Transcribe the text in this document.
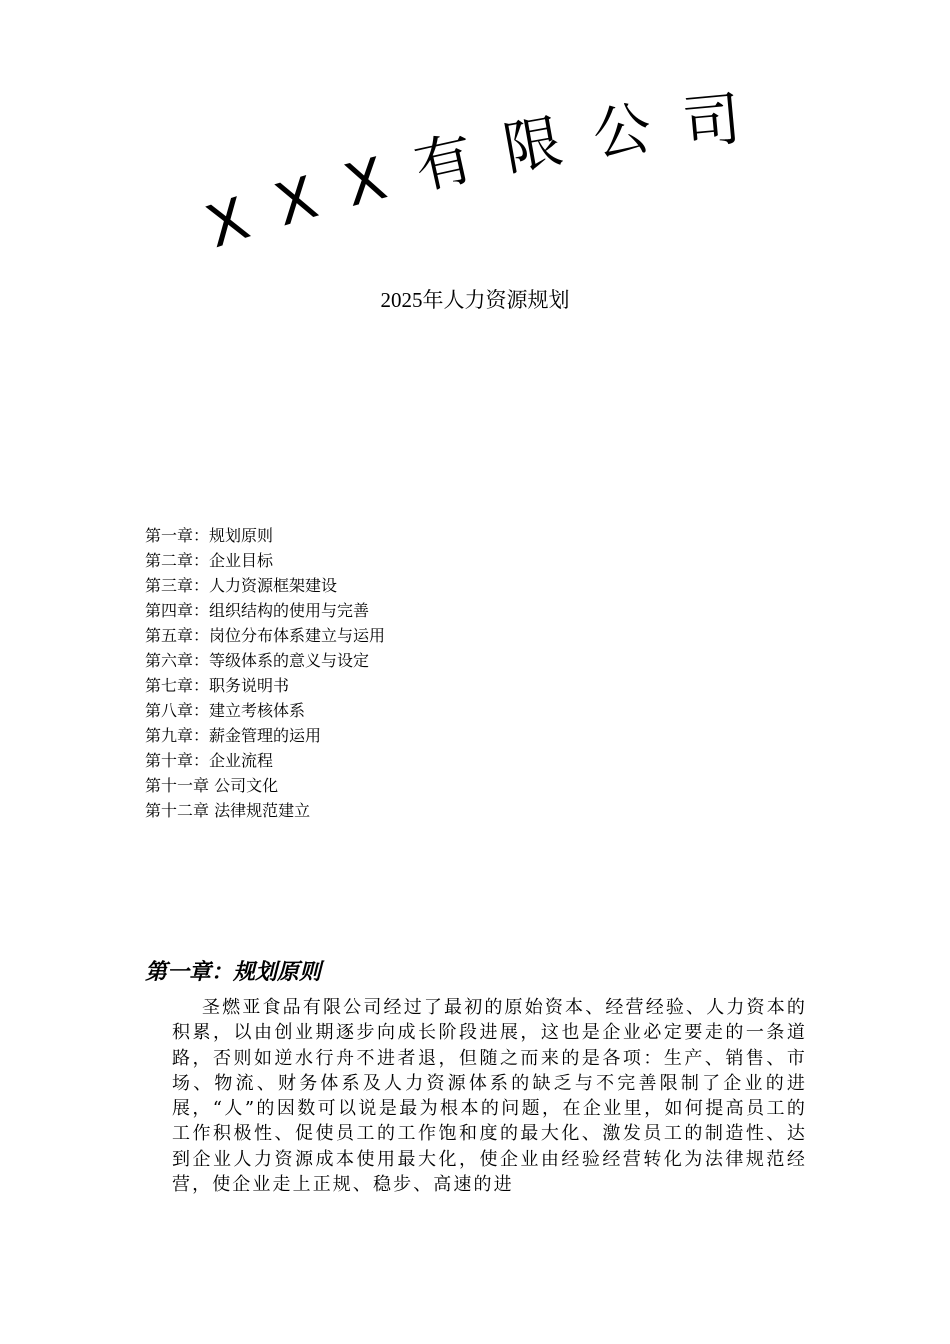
XXX有限公司
2025年人力资源规划
第一章：规划原则
第二章：企业目标
第三章：人力资源框架建设
第四章：组织结构的使用与完善
第五章：岗位分布体系建立与运用
第六章：等级体系的意义与设定
第七章：职务说明书
第八章：建立考核体系
第九章：薪金管理的运用
第十章：企业流程
第十一章 公司文化
第十二章 法律规范建立
第一章：规划原则

圣燃亚食品有限公司经过了最初的原始资本、经营经验、人力资本的积累，以由创业期逐步向成长阶段进展，这也是企业必定要走的一条道路，否则如逆水行舟不进者退，但随之而来的是各项：生产、销售、市场、物流、财务体系及人力资源体系的缺乏与不完善限制了企业的进展，“人”的因数可以说是最为根本的问题，在企业里，如何提高员工的工作积极性、促使员工的工作饱和度的最大化、激发员工的制造性、达到企业人力资源成本使用最大化，使企业由经验经营转化为法律规范经营，使企业走上正规、稳步、高速的进
